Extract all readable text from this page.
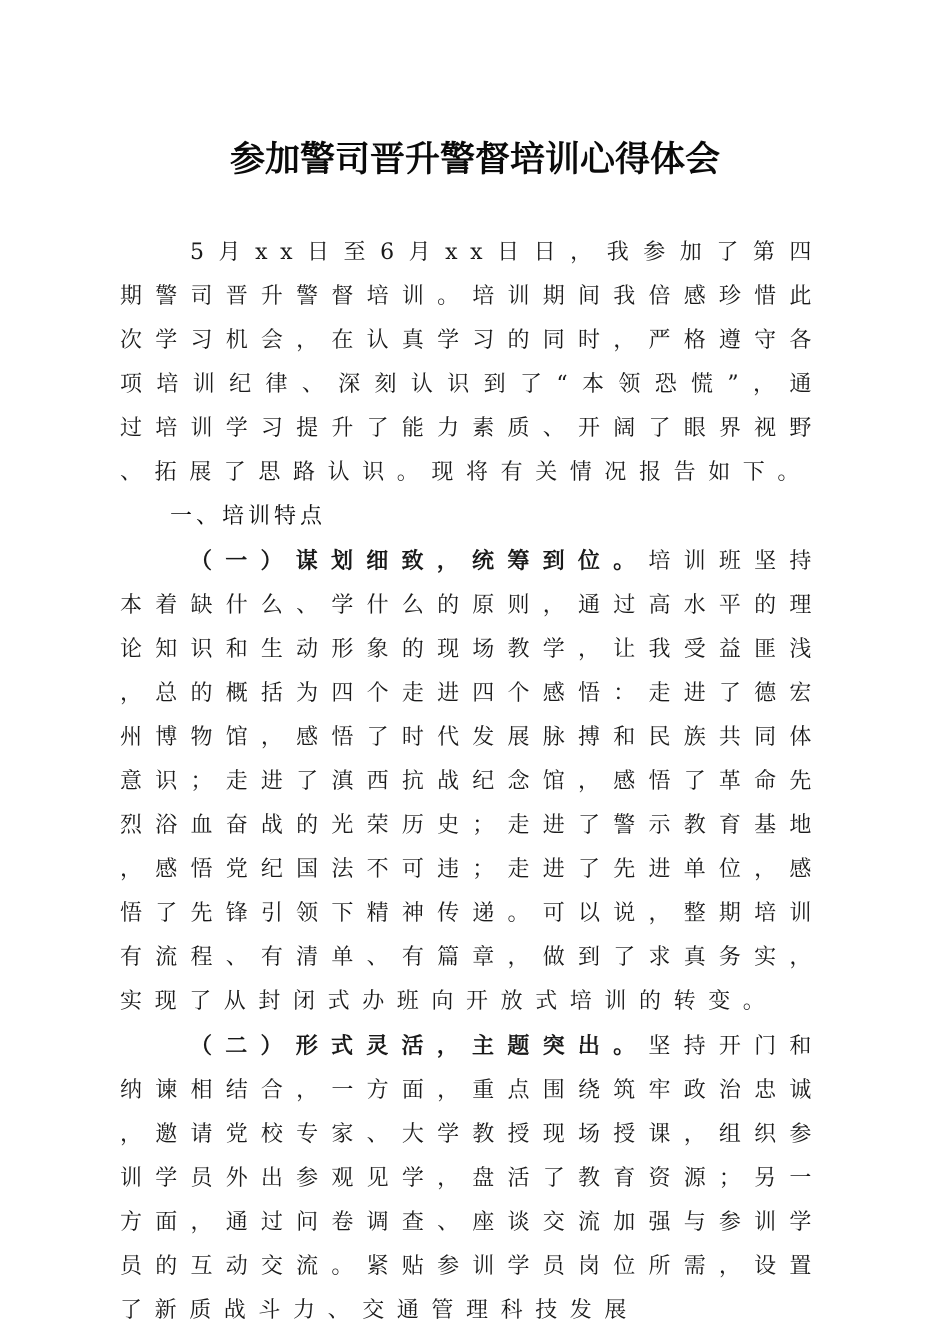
参加警司晋升警督培训心得体会

5月xx日至6月xx日日，我参加了第四期警司晋升警督培训。培训期间我倍感珍惜此次学习机会，在认真学习的同时，严格遵守各项培训纪律、深刻认识到了“本领恐慌”，通过培训学习提升了能力素质、开阔了眼界视野、拓展了思路认识。现将有关情况报告如下。

一、培训特点

（一）谋划细致，统筹到位。培训班坚持本着缺什么、学什么的原则，通过高水平的理论知识和生动形象的现场教学，让我受益匪浅，总的概括为四个走进四个感悟：走进了德宏州博物馆，感悟了时代发展脉搏和民族共同体意识；走进了滇西抗战纪念馆，感悟了革命先烈浴血奋战的光荣历史；走进了警示教育基地，感悟党纪国法不可违；走进了先进单位，感悟了先锋引领下精神传递。可以说，整期培训有流程、有清单、有篇章，做到了求真务实，实现了从封闭式办班向开放式培训的转变。

（二）形式灵活，主题突出。坚持开门和纳谏相结合，一方面，重点围绕筑牢政治忠诚，邀请党校专家、大学教授现场授课，组织参训学员外出参观见学，盘活了教育资源；另一方面，通过问卷调查、座谈交流加强与参训学员的互动交流。紧贴参训学员岗位所需，设置了新质战斗力、交通管理科技发展
